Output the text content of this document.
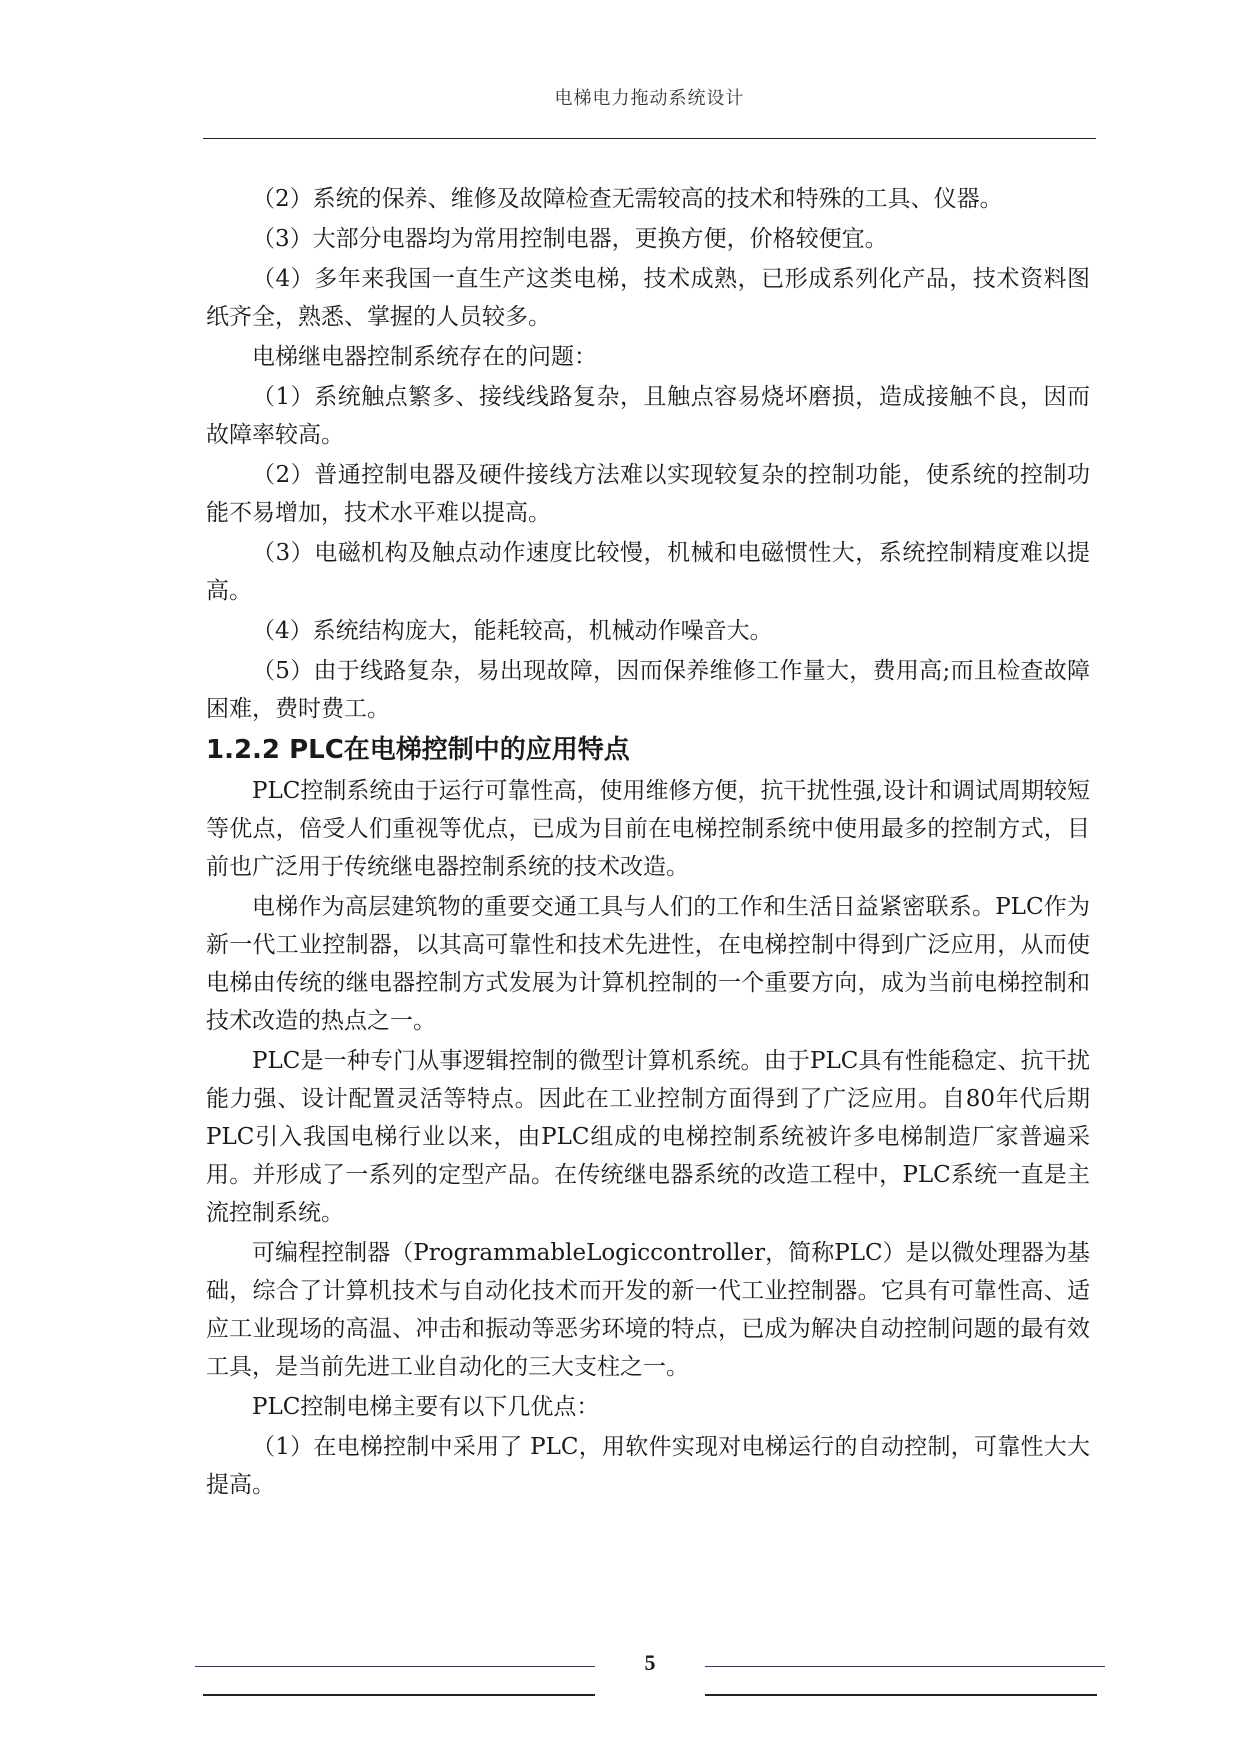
电梯电力拖动系统设计

（2）系统的保养、维修及故障检查无需较高的技术和特殊的工具、仪器。

（3）大部分电器均为常用控制电器，更换方便，价格较便宜。

（4）多年来我国一直生产这类电梯，技术成熟，已形成系列化产品，技术资料图纸齐全，熟悉、掌握的人员较多。

电梯继电器控制系统存在的问题：

（1）系统触点繁多、接线线路复杂，且触点容易烧坏磨损，造成接触不良，因而故障率较高。

（2）普通控制电器及硬件接线方法难以实现较复杂的控制功能，使系统的控制功能不易增加，技术水平难以提高。

（3）电磁机构及触点动作速度比较慢，机械和电磁惯性大，系统控制精度难以提高。

（4）系统结构庞大，能耗较高，机械动作噪音大。

（5）由于线路复杂，易出现故障，因而保养维修工作量大，费用高;而且检查故障困难，费时费工。

1.2.2 PLC在电梯控制中的应用特点

PLC控制系统由于运行可靠性高，使用维修方便，抗干扰性强,设计和调试周期较短等优点，倍受人们重视等优点，已成为目前在电梯控制系统中使用最多的控制方式，目前也广泛用于传统继电器控制系统的技术改造。

电梯作为高层建筑物的重要交通工具与人们的工作和生活日益紧密联系。PLC作为新一代工业控制器，以其高可靠性和技术先进性，在电梯控制中得到广泛应用，从而使电梯由传统的继电器控制方式发展为计算机控制的一个重要方向，成为当前电梯控制和技术改造的热点之一。

PLC是一种专门从事逻辑控制的微型计算机系统。由于PLC具有性能稳定、抗干扰能力强、设计配置灵活等特点。因此在工业控制方面得到了广泛应用。自80年代后期PLC引入我国电梯行业以来，由PLC组成的电梯控制系统被许多电梯制造厂家普遍采用。并形成了一系列的定型产品。在传统继电器系统的改造工程中，PLC系统一直是主流控制系统。

可编程控制器（ProgrammableLogiccontroller，简称PLC）是以微处理器为基础，综合了计算机技术与自动化技术而开发的新一代工业控制器。它具有可靠性高、适应工业现场的高温、冲击和振动等恶劣环境的特点，已成为解决自动控制问题的最有效工具，是当前先进工业自动化的三大支柱之一。

PLC控制电梯主要有以下几优点：

（1）在电梯控制中采用了 PLC，用软件实现对电梯运行的自动控制，可靠性大大提高。

5
